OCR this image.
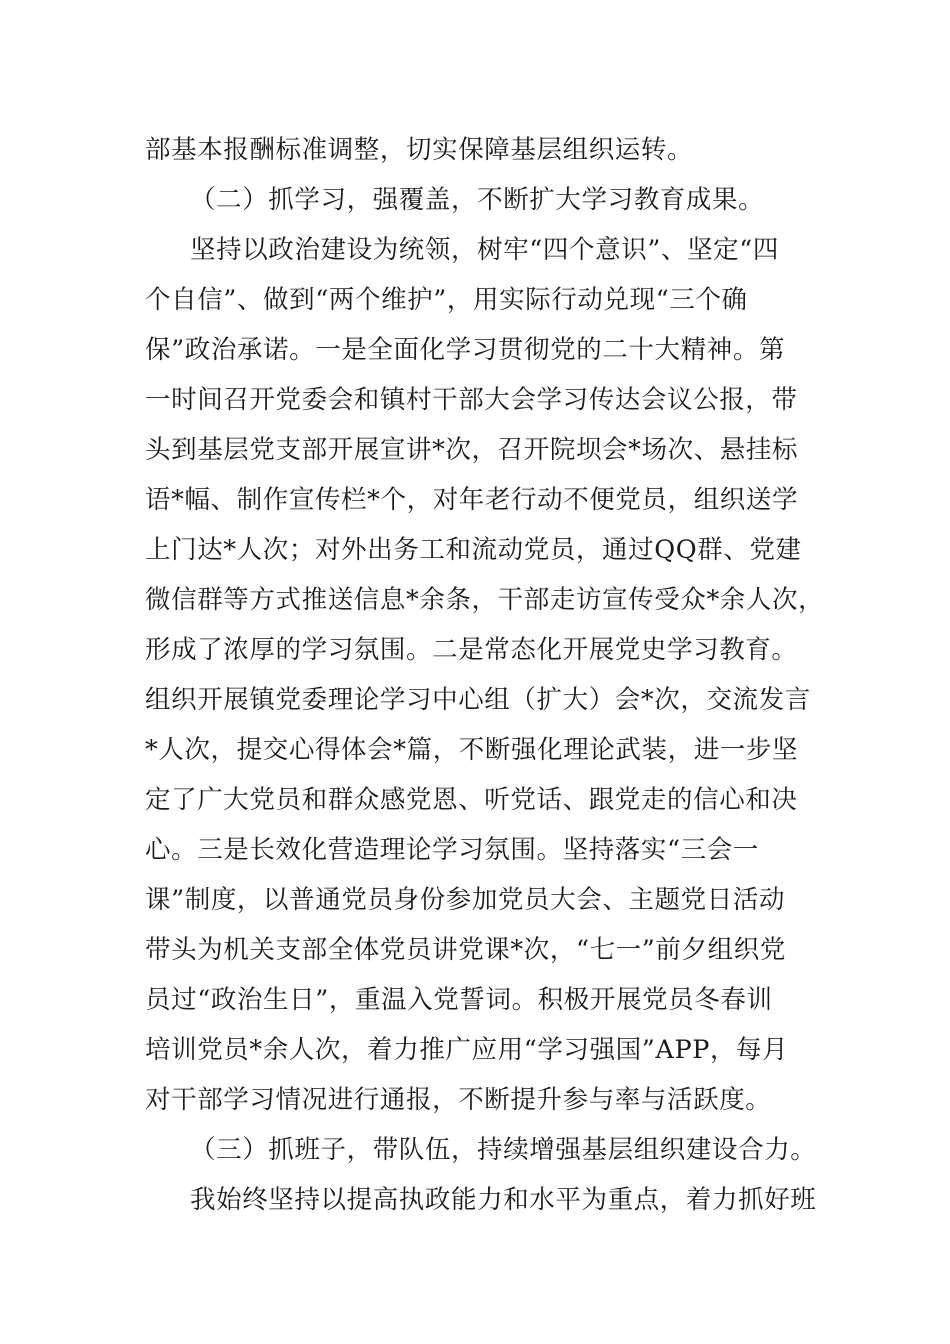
部基本报酬标准调整，切实保障基层组织运转。
（二）抓学习，强覆盖，不断扩大学习教育成果。
坚持以政治建设为统领，树牢“四个意识”、坚定“四
个自信”、做到“两个维护”，用实际行动兑现“三个确
保”政治承诺。一是全面化学习贯彻党的二十大精神。第
一时间召开党委会和镇村干部大会学习传达会议公报，带
头到基层党支部开展宣讲*次，召开院坝会*场次、悬挂标
语*幅、制作宣传栏*个，对年老行动不便党员，组织送学
上门达*人次；对外出务工和流动党员，通过QQ群、党建
微信群等方式推送信息*余条，干部走访宣传受众*余人次，
形成了浓厚的学习氛围。二是常态化开展党史学习教育。
组织开展镇党委理论学习中心组（扩大）会*次，交流发言
*人次，提交心得体会*篇，不断强化理论武装，进一步坚
定了广大党员和群众感党恩、听党话、跟党走的信心和决
心。三是长效化营造理论学习氛围。坚持落实“三会一
课”制度，以普通党员身份参加党员大会、主题党日活动
带头为机关支部全体党员讲党课*次，“七一”前夕组织党
员过“政治生日”，重温入党誓词。积极开展党员冬春训
培训党员*余人次，着力推广应用“学习强国”APP，每月
对干部学习情况进行通报，不断提升参与率与活跃度。
（三）抓班子，带队伍，持续增强基层组织建设合力。
我始终坚持以提高执政能力和水平为重点，着力抓好班
